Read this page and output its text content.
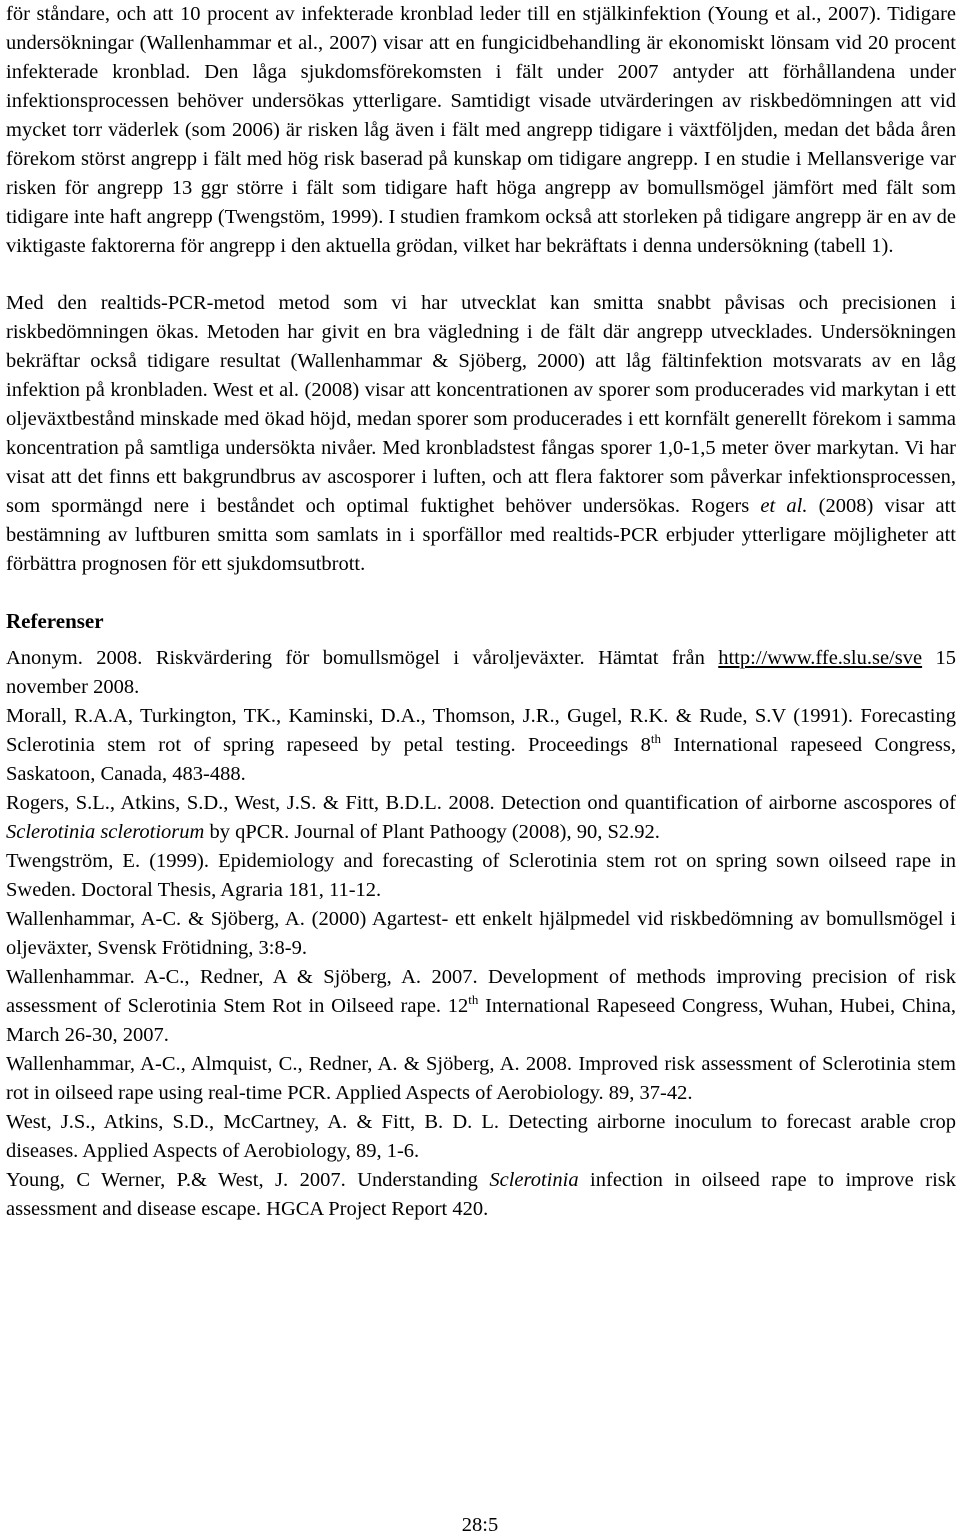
för ståndare, och att 10 procent av infekterade kronblad leder till en stjälkinfektion (Young et al., 2007). Tidigare undersökningar (Wallenhammar et al., 2007) visar att en fungicidbehandling är ekonomiskt lönsam vid 20 procent infekterade kronblad. Den låga sjukdomsförekomsten i fält under 2007 antyder att förhållandena under infektionsprocessen behöver undersökas ytterligare. Samtidigt visade utvärderingen av riskbedömningen att vid mycket torr väderlek (som 2006) är risken låg även i fält med angrepp tidigare i växtföljden, medan det båda åren förekom störst angrepp i fält med hög risk baserad på kunskap om tidigare angrepp. I en studie i Mellansverige var risken för angrepp 13 ggr större i fält som tidigare haft höga angrepp av bomullsmögel jämfört med fält som tidigare inte haft angrepp (Twengstöm, 1999). I studien framkom också att storleken på tidigare angrepp är en av de viktigaste faktorerna för angrepp i den aktuella grödan, vilket har bekräftats i denna undersökning (tabell 1).

Med den realtids-PCR-metod metod som vi har utvecklat kan smitta snabbt påvisas och precisionen i riskbedömningen ökas. Metoden har givit en bra vägledning i de fält där angrepp utvecklades. Undersökningen bekräftar också tidigare resultat (Wallenhammar & Sjöberg, 2000) att låg fältinfektion motsvarats av en låg infektion på kronbladen. West et al. (2008) visar att koncentrationen av sporer som producerades vid markytan i ett oljeväxtbestånd minskade med ökad höjd, medan sporer som producerades i ett kornfält generellt förekom i samma koncentration på samtliga undersökta nivåer. Med kronbladstest fångas sporer 1,0-1,5 meter över markytan. Vi har visat att det finns ett bakgrundbrus av ascosporer i luften, och att flera faktorer som påverkar infektionsprocessen, som spormängd nere i beståndet och optimal fuktighet behöver undersökas. Rogers et al. (2008) visar att bestämning av luftburen smitta som samlats in i sporfällor med realtids-PCR erbjuder ytterligare möjligheter att förbättra prognosen för ett sjukdomsutbrott.

Referenser

Anonym. 2008. Riskvärdering för bomullsmögel i våroljeväxter. Hämtat från http://www.ffe.slu.se/sve 15 november 2008.

Morall, R.A.A, Turkington, TK., Kaminski, D.A., Thomson, J.R., Gugel, R.K. & Rude, S.V (1991). Forecasting Sclerotinia stem rot of spring rapeseed by petal testing. Proceedings 8th International rapeseed Congress, Saskatoon, Canada, 483-488.

Rogers, S.L., Atkins, S.D., West, J.S. & Fitt, B.D.L. 2008. Detection ond quantification of airborne ascospores of Sclerotinia sclerotiorum by qPCR. Journal of Plant Pathoogy (2008), 90, S2.92.

Twengström, E. (1999). Epidemiology and forecasting of Sclerotinia stem rot on spring sown oilseed rape in Sweden. Doctoral Thesis, Agraria 181, 11-12.

Wallenhammar, A-C. & Sjöberg, A. (2000) Agartest- ett enkelt hjälpmedel vid riskbedömning av bomullsmögel i oljeväxter, Svensk Frötidning, 3:8-9.

Wallenhammar. A-C., Redner, A & Sjöberg, A. 2007. Development of methods improving precision of risk assessment of Sclerotinia Stem Rot in Oilseed rape. 12th International Rapeseed Congress, Wuhan, Hubei, China, March 26-30, 2007.

Wallenhammar, A-C., Almquist, C., Redner, A. & Sjöberg, A. 2008. Improved risk assessment of Sclerotinia stem rot in oilseed rape using real-time PCR. Applied Aspects of Aerobiology. 89, 37-42.

West, J.S., Atkins, S.D., McCartney, A. & Fitt, B. D. L. Detecting airborne inoculum to forecast arable crop diseases. Applied Aspects of Aerobiology, 89, 1-6.

Young, C Werner, P.& West, J. 2007. Understanding Sclerotinia infection in oilseed rape to improve risk assessment and disease escape. HGCA Project Report 420.

28:5
